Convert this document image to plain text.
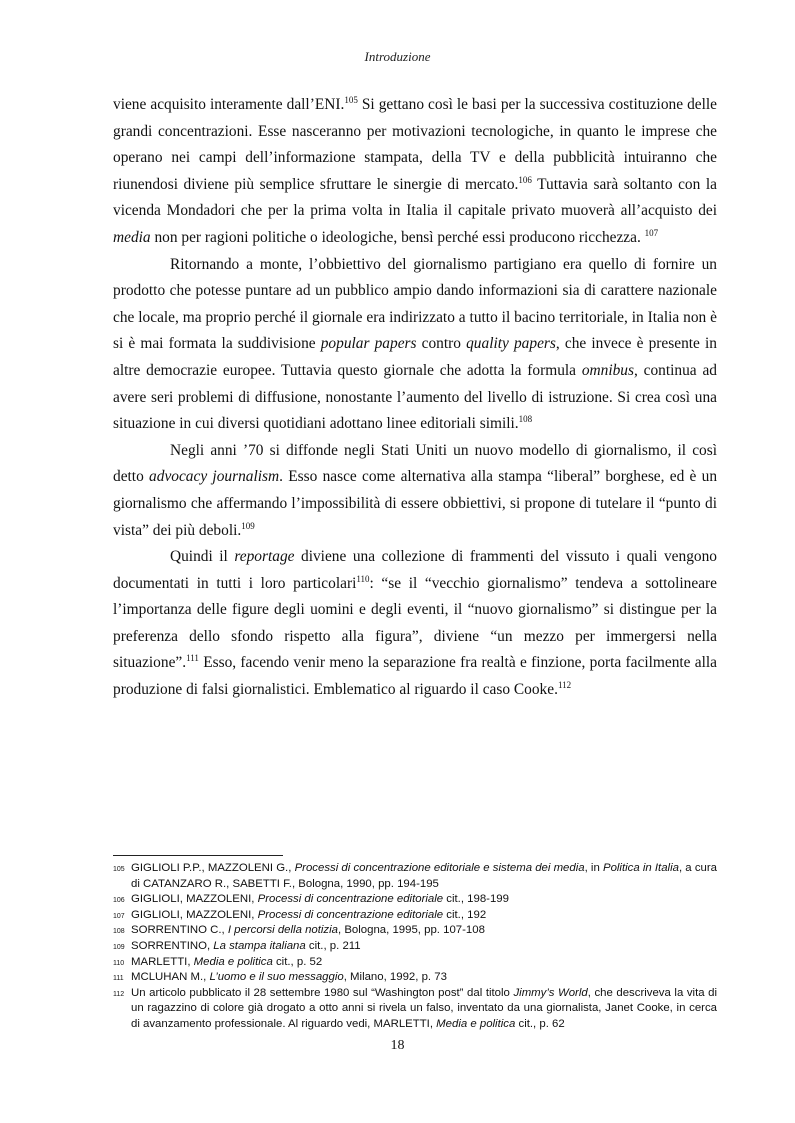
Introduzione

viene acquisito interamente dall’ENI.$^{105}$ Si gettano così le basi per la successiva costituzione delle grandi concentrazioni. Esse nasceranno per motivazioni tecnologiche, in quanto le imprese che operano nei campi dell’informazione stampata, della TV e della pubblicità intuiranno che riunendosi diviene più semplice sfruttare le sinergie di mercato.$^{106}$ Tuttavia sarà soltanto con la vicenda Mondadori che per la prima volta in Italia il capitale privato muoverà all’acquisto dei media non per ragioni politiche o ideologiche, bensì perché essi producono ricchezza. $^{107}$

Ritornando a monte, l’obbiettivo del giornalismo partigiano era quello di fornire un prodotto che potesse puntare ad un pubblico ampio dando informazioni sia di carattere nazionale che locale, ma proprio perché il giornale era indirizzato a tutto il bacino territoriale, in Italia non è si è mai formata la suddivisione popular papers contro quality papers, che invece è presente in altre democrazie europee. Tuttavia questo giornale che adotta la formula omnibus, continua ad avere seri problemi di diffusione, nonostante l’aumento del livello di istruzione. Si crea così una situazione in cui diversi quotidiani adottano linee editoriali simili.$^{108}$

Negli anni ’70 si diffonde negli Stati Uniti un nuovo modello di giornalismo, il così detto advocacy journalism. Esso nasce come alternativa alla stampa “liberal” borghese, ed è un giornalismo che affermando l’impossibilità di essere obbiettivi, si propone di tutelare il “punto di vista” dei più deboli.$^{109}$

Quindi il reportage diviene una collezione di frammenti del vissuto i quali vengono documentati in tutti i loro particolari$^{110}$: “se il “vecchio giornalismo” tendeva a sottolineare l’importanza delle figure degli uomini e degli eventi, il “nuovo giornalismo” si distingue per la preferenza dello sfondo rispetto alla figura”, diviene “un mezzo per immergersi nella situazione”.$^{111}$ Esso, facendo venir meno la separazione fra realtà e finzione, porta facilmente alla produzione di falsi giornalistici. Emblematico al riguardo il caso Cooke.$^{112}$

105 GIGLIOLI P.P., MAZZOLENI G., Processi di concentrazione editoriale e sistema dei media, in Politica in Italia, a cura di CATANZARO R., SABETTI F., Bologna, 1990, pp. 194-195
106 GIGLIOLI, MAZZOLENI, Processi di concentrazione editoriale cit., 198-199
107 GIGLIOLI, MAZZOLENI, Processi di concentrazione editoriale cit., 192
108 SORRENTINO C., I percorsi della notizia, Bologna, 1995, pp. 107-108
109 SORRENTINO, La stampa italiana cit., p. 211
110 MARLETTI, Media e politica cit., p. 52
111 MCLUHAN M., L’uomo e il suo messaggio, Milano, 1992, p. 73
112 Un articolo pubblicato il 28 settembre 1980 sul “Washington post” dal titolo Jimmy’s World, che descriveva la vita di un ragazzino di colore già drogato a otto anni si rivela un falso, inventato da una giornalista, Janet Cooke, in cerca di avanzamento professionale. Al riguardo vedi, MARLETTI, Media e politica cit., p. 62
18
